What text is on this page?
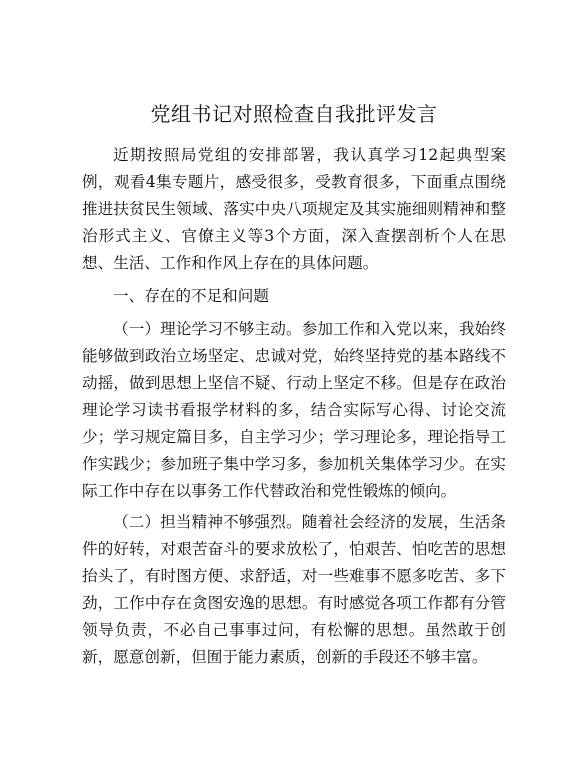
党组书记对照检查自我批评发言

近期按照局党组的安排部署，我认真学习12起典型案例，观看4集专题片，感受很多，受教育很多，下面重点围绕推进扶贫民生领域、落实中央八项规定及其实施细则精神和整治形式主义、官僚主义等3个方面，深入查摆剖析个人在思想、生活、工作和作风上存在的具体问题。

一、存在的不足和问题

（一）理论学习不够主动。参加工作和入党以来，我始终能够做到政治立场坚定、忠诚对党，始终坚持党的基本路线不动摇，做到思想上坚信不疑、行动上坚定不移。但是存在政治理论学习读书看报学材料的多，结合实际写心得、讨论交流少；学习规定篇目多，自主学习少；学习理论多，理论指导工作实践少；参加班子集中学习多，参加机关集体学习少。在实际工作中存在以事务工作代替政治和党性锻炼的倾向。

（二）担当精神不够强烈。随着社会经济的发展，生活条件的好转，对艰苦奋斗的要求放松了，怕艰苦、怕吃苦的思想抬头了，有时图方便、求舒适，对一些难事不愿多吃苦、多下劲，工作中存在贪图安逸的思想。有时感觉各项工作都有分管领导负责，不必自己事事过问，有松懈的思想。虽然敢于创新，愿意创新，但囿于能力素质，创新的手段还不够丰富。
